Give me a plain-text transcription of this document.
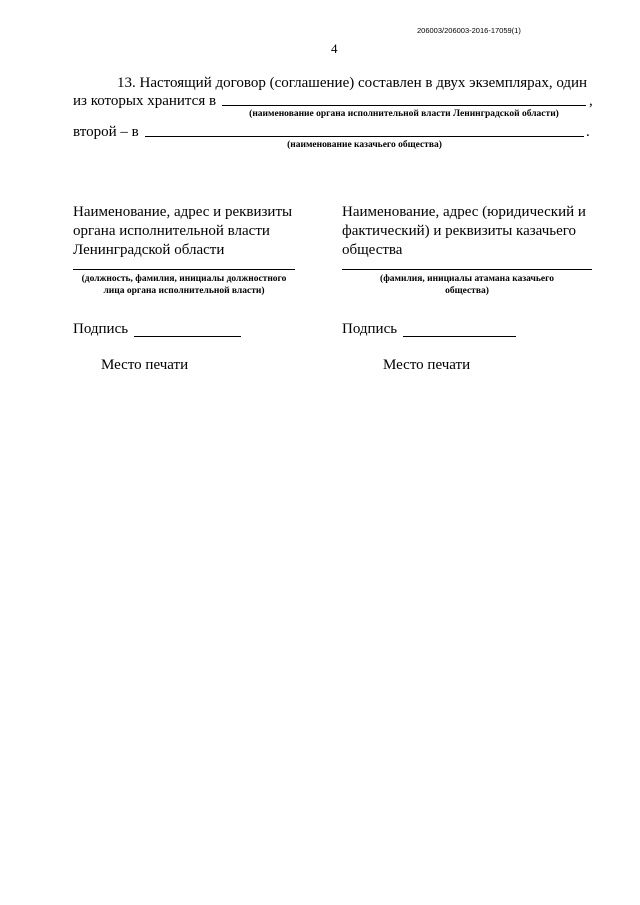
206003/206003-2016-17059(1)
4
13. Настоящий договор (соглашение) составлен в двух экземплярах, один
из которых хранится в	,
(наименование органа исполнительной власти Ленинградской области)
второй – в	.
(наименование казачьего общества)
Наименование, адрес и реквизиты органа исполнительной власти Ленинградской области
(должность, фамилия, инициалы должностного лица органа исполнительной власти)
Подпись
Место печати
Наименование, адрес (юридический и фактический) и реквизиты казачьего общества
(фамилия, инициалы атамана казачьего общества)
Подпись
Место печати
